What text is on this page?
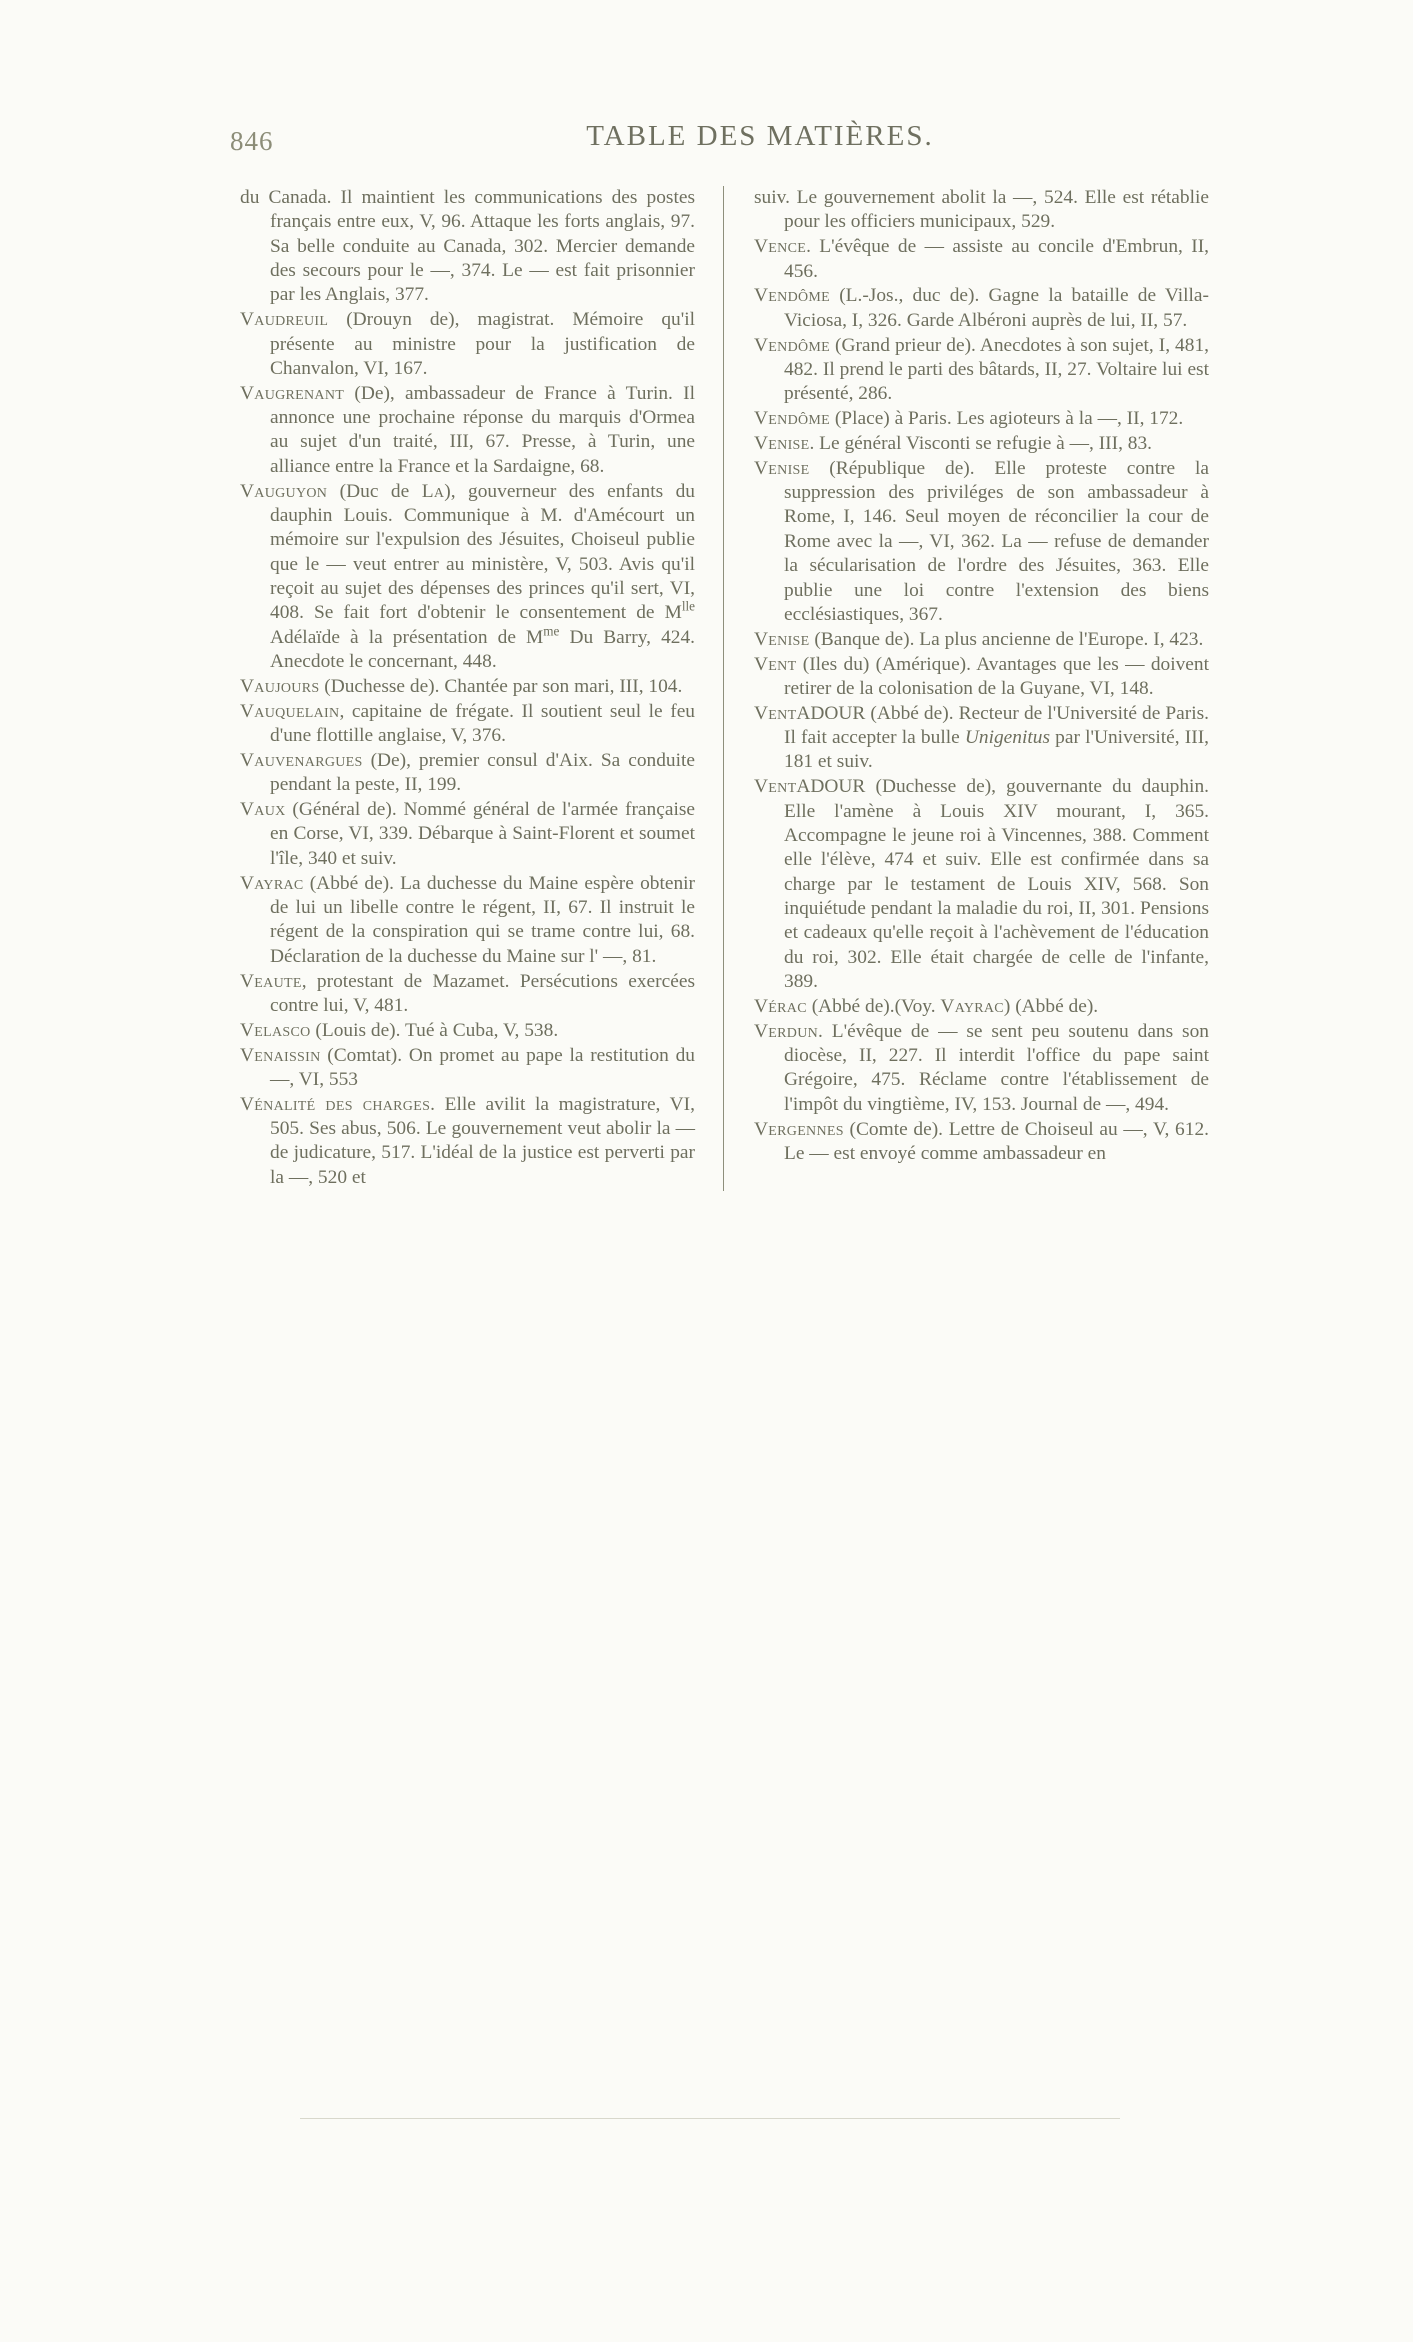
846	TABLE DES MATIÈRES.

du Canada. Il maintient les communications des postes français entre eux, V, 96. Attaque les forts anglais, 97. Sa belle conduite au Canada, 302. Mercier demande des secours pour le —, 374. Le — est fait prisonnier par les Anglais, 377.

Vaudreuil (Drouyn de), magistrat. Mémoire qu'il présente au ministre pour la justification de Chanvalon, VI, 167.

Vaugrenant (De), ambassadeur de France à Turin. Il annonce une prochaine réponse du marquis d'Ormea au sujet d'un traité, III, 67. Presse, à Turin, une alliance entre la France et la Sardaigne, 68.

Vauguyon (Duc de La), gouverneur des enfants du dauphin Louis. Communique à M. d'Amécourt un mémoire sur l'expulsion des Jésuites, Choiseul publie que le — veut entrer au ministère, V, 503. Avis qu'il reçoit au sujet des dépenses des princes qu'il sert, VI, 408. Se fait fort d'obtenir le consentement de $M^{lle}$ Adélaïde à la présentation de $M^{me}$ Du Barry, 424. Anecdote le concernant, 448.

Vaujours (Duchesse de). Chantée par son mari, III, 104.

Vauquelain, capitaine de frégate. Il soutient seul le feu d'une flottille anglaise, V, 376.

Vauvenargues (De), premier consul d'Aix. Sa conduite pendant la peste, II, 199.

Vaux (Général de). Nommé général de l'armée française en Corse, VI, 339. Débarque à Saint-Florent et soumet l'île, 340 et suiv.

Vayrac (Abbé de). La duchesse du Maine espère obtenir de lui un libelle contre le régent, II, 67. Il instruit le régent de la conspiration qui se trame contre lui, 68. Déclaration de la duchesse du Maine sur l' —, 81.

Veaute, protestant de Mazamet. Persécutions exercées contre lui, V, 481.

Velasco (Louis de). Tué à Cuba, V, 538.

Venaissin (Comtat). On promet au pape la restitution du —, VI, 553

Vénalité des charges. Elle avilit la magistrature, VI, 505. Ses abus, 506. Le gouvernement veut abolir la — de judicature, 517. L'idéal de la justice est perverti par la —, 520 et

suiv. Le gouvernement abolit la —, 524. Elle est rétablie pour les officiers municipaux, 529.

Vence. L'évêque de — assiste au concile d'Embrun, II, 456.

Vendôme (L.-Jos., duc de). Gagne la bataille de Villa-Viciosa, I, 326. Garde Albéroni auprès de lui, II, 57.

Vendôme (Grand prieur de). Anecdotes à son sujet, I, 481, 482. Il prend le parti des bâtards, II, 27. Voltaire lui est présenté, 286.

Vendôme (Place) à Paris. Les agioteurs à la —, II, 172.

Venise. Le général Visconti se refugie à —, III, 83.

Venise (République de). Elle proteste contre la suppression des priviléges de son ambassadeur à Rome, I, 146. Seul moyen de réconcilier la cour de Rome avec la —, VI, 362. La — refuse de demander la sécularisation de l'ordre des Jésuites, 363. Elle publie une loi contre l'extension des biens ecclésiastiques, 367.

Venise (Banque de). La plus ancienne de l'Europe. I, 423.

Vent (Iles du) (Amérique). Avantages que les — doivent retirer de la colonisation de la Guyane, VI, 148.

VentADOUR (Abbé de). Recteur de l'Université de Paris. Il fait accepter la bulle Unigenitus par l'Université, III, 181 et suiv.

VentADOUR (Duchesse de), gouvernante du dauphin. Elle l'amène à Louis XIV mourant, I, 365. Accompagne le jeune roi à Vincennes, 388. Comment elle l'élève, 474 et suiv. Elle est confirmée dans sa charge par le testament de Louis XIV, 568. Son inquiétude pendant la maladie du roi, II, 301. Pensions et cadeaux qu'elle reçoit à l'achèvement de l'éducation du roi, 302. Elle était chargée de celle de l'infante, 389.

Vérac (Abbé de).(Voy. Vayrac) (Abbé de).

Verdun. L'évêque de — se sent peu soutenu dans son diocèse, II, 227. Il interdit l'office du pape saint Grégoire, 475. Réclame contre l'établissement de l'impôt du vingtième, IV, 153. Journal de —, 494.

Vergennes (Comte de). Lettre de Choiseul au —, V, 612. Le — est envoyé comme ambassadeur en
